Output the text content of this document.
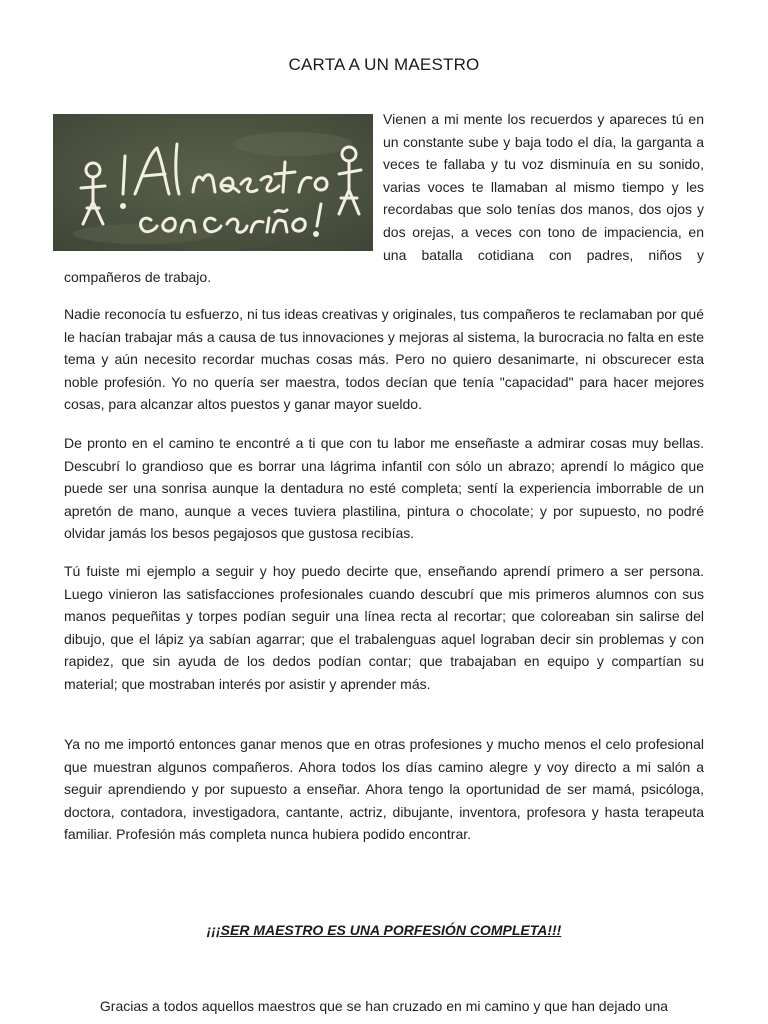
CARTA A UN MAESTRO

Vienen a mi mente los recuerdos y apareces tú en un constante sube y baja todo el día, la garganta a veces te fallaba y tu voz disminuía en su sonido, varias voces te llamaban al mismo tiempo y les recordabas que solo tenías dos manos, dos ojos y dos orejas, a veces con tono de impaciencia, en una batalla cotidiana con padres, niños y compañeros de trabajo.

Nadie reconocía tu esfuerzo, ni tus ideas creativas y originales, tus compañeros te reclamaban por qué le hacían trabajar más a causa de tus innovaciones y mejoras al sistema, la burocracia no falta en este tema y aún necesito recordar muchas cosas más. Pero no quiero desanimarte, ni obscurecer esta noble profesión. Yo no quería ser maestra, todos decían que tenía "capacidad" para hacer mejores cosas, para alcanzar altos puestos y ganar mayor sueldo.

De pronto en el camino te encontré a ti que con tu labor me enseñaste a admirar cosas muy bellas. Descubrí lo grandioso que es borrar una lágrima infantil con sólo un abrazo; aprendí lo mágico que puede ser una sonrisa aunque la dentadura no esté completa; sentí la experiencia imborrable de un apretón de mano, aunque a veces tuviera plastilina, pintura o chocolate; y por supuesto, no podré olvidar jamás los besos pegajosos que gustosa recibías.

Tú fuiste mi ejemplo a seguir y hoy puedo decirte que, enseñando aprendí primero a ser persona. Luego vinieron las satisfacciones profesionales cuando descubrí que mis primeros alumnos con sus manos pequeñitas y torpes podían seguir una línea recta al recortar; que coloreaban sin salirse del dibujo, que el lápiz ya sabían agarrar; que el trabalenguas aquel lograban decir sin problemas y con rapidez, que sin ayuda de los dedos podían contar; que trabajaban en equipo y compartían su material; que mostraban interés por asistir y aprender más.

Ya no me importó entonces ganar menos que en otras profesiones y mucho menos el celo profesional que muestran algunos compañeros. Ahora todos los días camino alegre y voy directo a mi salón a seguir aprendiendo y por supuesto a enseñar. Ahora tengo la oportunidad de ser mamá, psicóloga, doctora, contadora, investigadora, cantante, actriz, dibujante, inventora, profesora y hasta terapeuta familiar. Profesión más completa nunca hubiera podido encontrar.

¡¡¡SER MAESTRO ES UNA PORFESIÓN COMPLETA!!!
Gracias a todos aquellos maestros que se han cruzado en mi camino y que han dejado una
